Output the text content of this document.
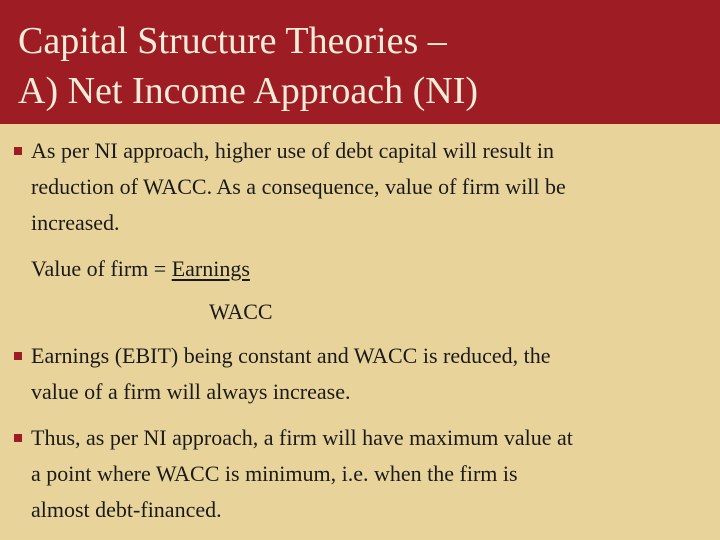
Capital Structure Theories –
A) Net Income Approach (NI)
As per NI approach, higher use of debt capital will result in
reduction of WACC. As a consequence, value of firm will be
increased.
Value of firm = Earnings
WACC
Earnings (EBIT) being constant and WACC is reduced, the
value of a firm will always increase.
Thus, as per NI approach, a firm will have maximum value at
a point where WACC is minimum, i.e. when the firm is
almost debt-financed.
